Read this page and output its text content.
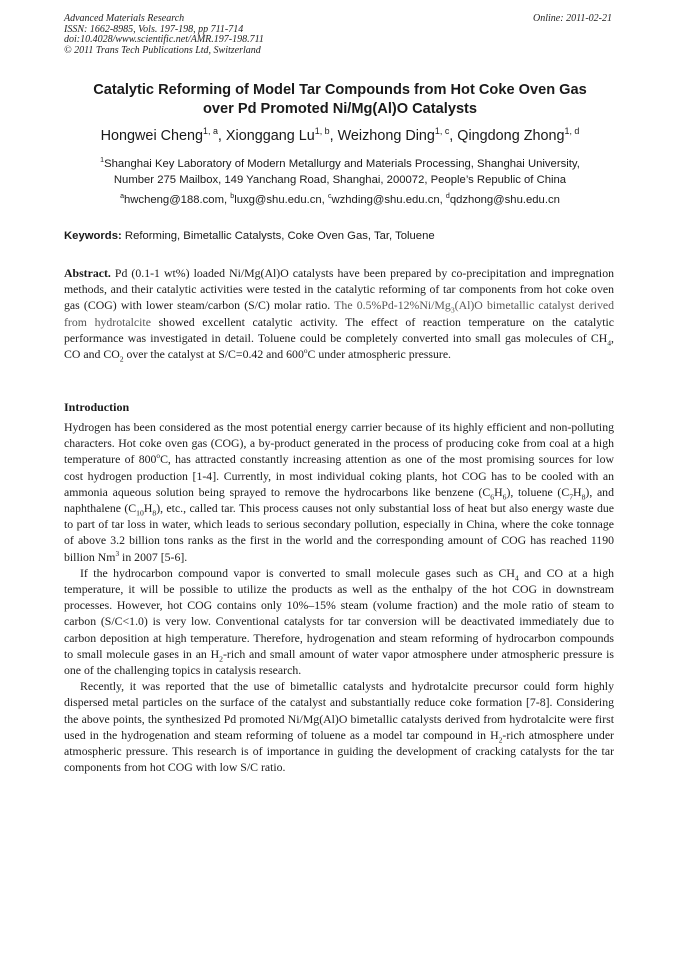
Advanced Materials Research
ISSN: 1662-8985, Vols. 197-198, pp 711-714
doi:10.4028/www.scientific.net/AMR.197-198.711
© 2011 Trans Tech Publications Ltd, Switzerland
Online: 2011-02-21
Catalytic Reforming of Model Tar Compounds from Hot Coke Oven Gas
over Pd Promoted Ni/Mg(Al)O Catalysts
Hongwei Cheng$^{1, a}$, Xionggang Lu$^{1, b}$, Weizhong Ding$^{1, c}$, Qingdong Zhong$^{1, d}$
$^1$Shanghai Key Laboratory of Modern Metallurgy and Materials Processing, Shanghai University,
Number 275 Mailbox, 149 Yanchang Road, Shanghai, 200072, People’s Republic of China
$^a$hwcheng@188.com, $^b$luxg@shu.edu.cn, $^c$wzhding@shu.edu.cn, $^d$qdzhong@shu.edu.cn
Keywords: Reforming, Bimetallic Catalysts, Coke Oven Gas, Tar, Toluene
Abstract. Pd (0.1-1 wt%) loaded Ni/Mg(Al)O catalysts have been prepared by co-precipitation and impregnation methods, and their catalytic activities were tested in the catalytic reforming of tar components from hot coke oven gas (COG) with lower steam/carbon (S/C) molar ratio. The $0.5\%Pd-12\%Ni/Mg_3(Al)O$ bimetallic catalyst derived from hydrotalcite showed excellent catalytic activity. The effect of reaction temperature on the catalytic performance was investigated in detail. Toluene could be completely converted into small gas molecules of $CH_4$, CO and $CO_2$ over the catalyst at S/C=0.42 and 600$^o$C under atmospheric pressure.
Introduction

Hydrogen has been considered as the most potential energy carrier because of its highly efficient and non-polluting characters. Hot coke oven gas (COG), a by-product generated in the process of producing coke from coal at a high temperature of 800$^o$C, has attracted constantly increasing attention as one of the most promising sources for low cost hydrogen production [1-4]. Currently, in most individual coking plants, hot COG has to be cooled with an ammonia aqueous solution being sprayed to remove the hydrocarbons like benzene $(C_6H_6)$, toluene $(C_7H_8)$, and naphthalene $(C_{10}H_8)$, etc., called tar. This process causes not only substantial loss of heat but also energy waste due to part of tar loss in water, which leads to serious secondary pollution, especially in China, where the coke tonnage of above 3.2 billion tons ranks as the first in the world and the corresponding amount of COG has reached 1190 billion Nm$^3$ in 2007 [5-6].

If the hydrocarbon compound vapor is converted to small molecule gases such as $CH_4$ and CO at a high temperature, it will be possible to utilize the products as well as the enthalpy of the hot COG in downstream processes. However, hot COG contains only 10%–15% steam (volume fraction) and the mole ratio of steam to carbon (S/C<1.0) is very low. Conventional catalysts for tar conversion will be deactivated immediately due to carbon deposition at high temperature. Therefore, hydrogenation and steam reforming of hydrocarbon compounds to small molecule gases in an $H_2$-rich and small amount of water vapor atmosphere under atmospheric pressure is one of the challenging topics in catalysis research.

Recently, it was reported that the use of bimetallic catalysts and hydrotalcite precursor could form highly dispersed metal particles on the surface of the catalyst and substantially reduce coke formation [7-8]. Considering the above points, the synthesized Pd promoted Ni/Mg(Al)O bimetallic catalysts derived from hydrotalcite were first used in the hydrogenation and steam reforming of toluene as a model tar compound in $H_2$-rich atmosphere under atmospheric pressure. This research is of importance in guiding the development of cracking catalysts for the tar components from hot COG with low S/C ratio.
